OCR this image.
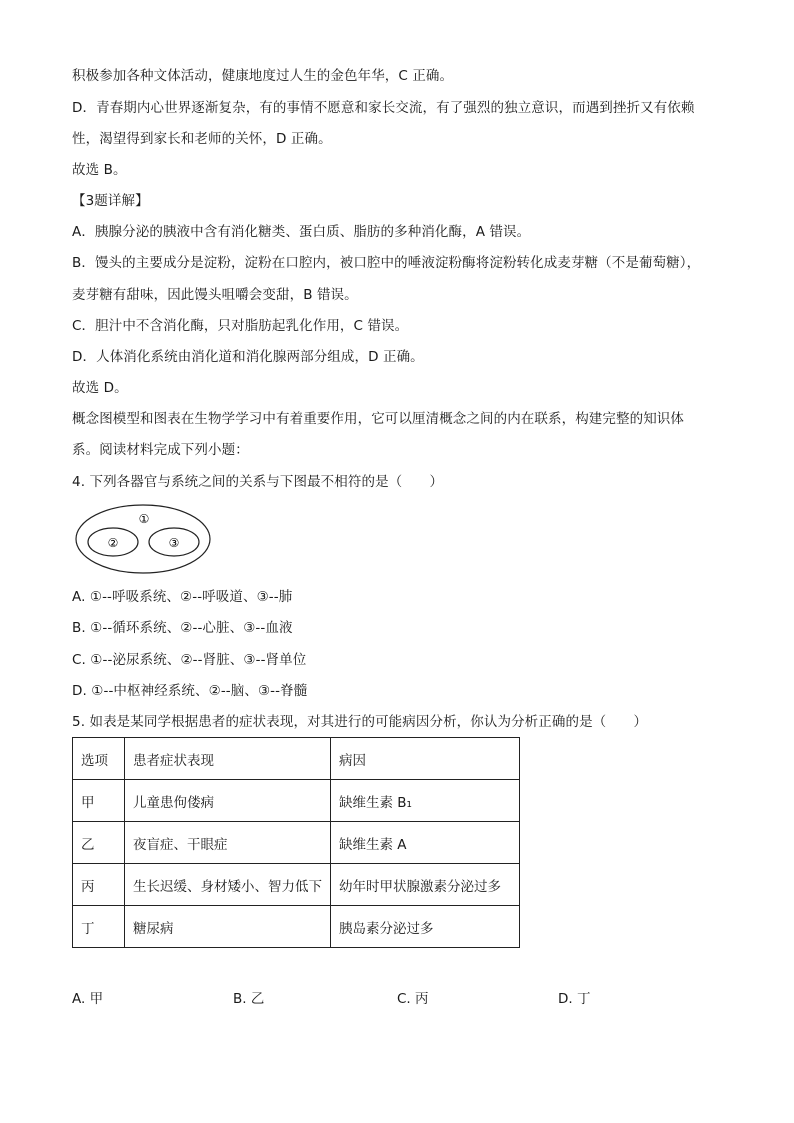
积极参加各种文体活动，健康地度过人生的金色年华，C 正确。
D．青春期内心世界逐渐复杂，有的事情不愿意和家长交流，有了强烈的独立意识，而遇到挫折又有依赖
性，渴望得到家长和老师的关怀，D 正确。
故选 B。
【3题详解】
A．胰腺分泌的胰液中含有消化糖类、蛋白质、脂肪的多种消化酶，A 错误。
B．馒头的主要成分是淀粉，淀粉在口腔内，被口腔中的唾液淀粉酶将淀粉转化成麦芽糖（不是葡萄糖），
麦芽糖有甜味，因此馒头咀嚼会变甜，B 错误。
C．胆汁中不含消化酶，只对脂肪起乳化作用，C 错误。
D．人体消化系统由消化道和消化腺两部分组成，D 正确。
故选 D。
概念图模型和图表在生物学学习中有着重要作用，它可以厘清概念之间的内在联系，构建完整的知识体
系。阅读材料完成下列小题：
4. 下列各器官与系统之间的关系与下图最不相符的是（　　）
①
②	③
A. ①--呼吸系统、②--呼吸道、③--肺
B. ①--循环系统、②--心脏、③--血液
C. ①--泌尿系统、②--肾脏、③--肾单位
D. ①--中枢神经系统、②--脑、③--脊髓
5. 如表是某同学根据患者的症状表现，对其进行的可能病因分析，你认为分析正确的是（　　）
选项	患者症状表现	病因
甲	儿童患佝偻病	缺维生素 B₁
乙	夜盲症、干眼症	缺维生素 A
丙	生长迟缓、身材矮小、智力低下	幼年时甲状腺激素分泌过多
丁	糖尿病	胰岛素分泌过多
A. 甲	B. 乙	C. 丙	D. 丁
